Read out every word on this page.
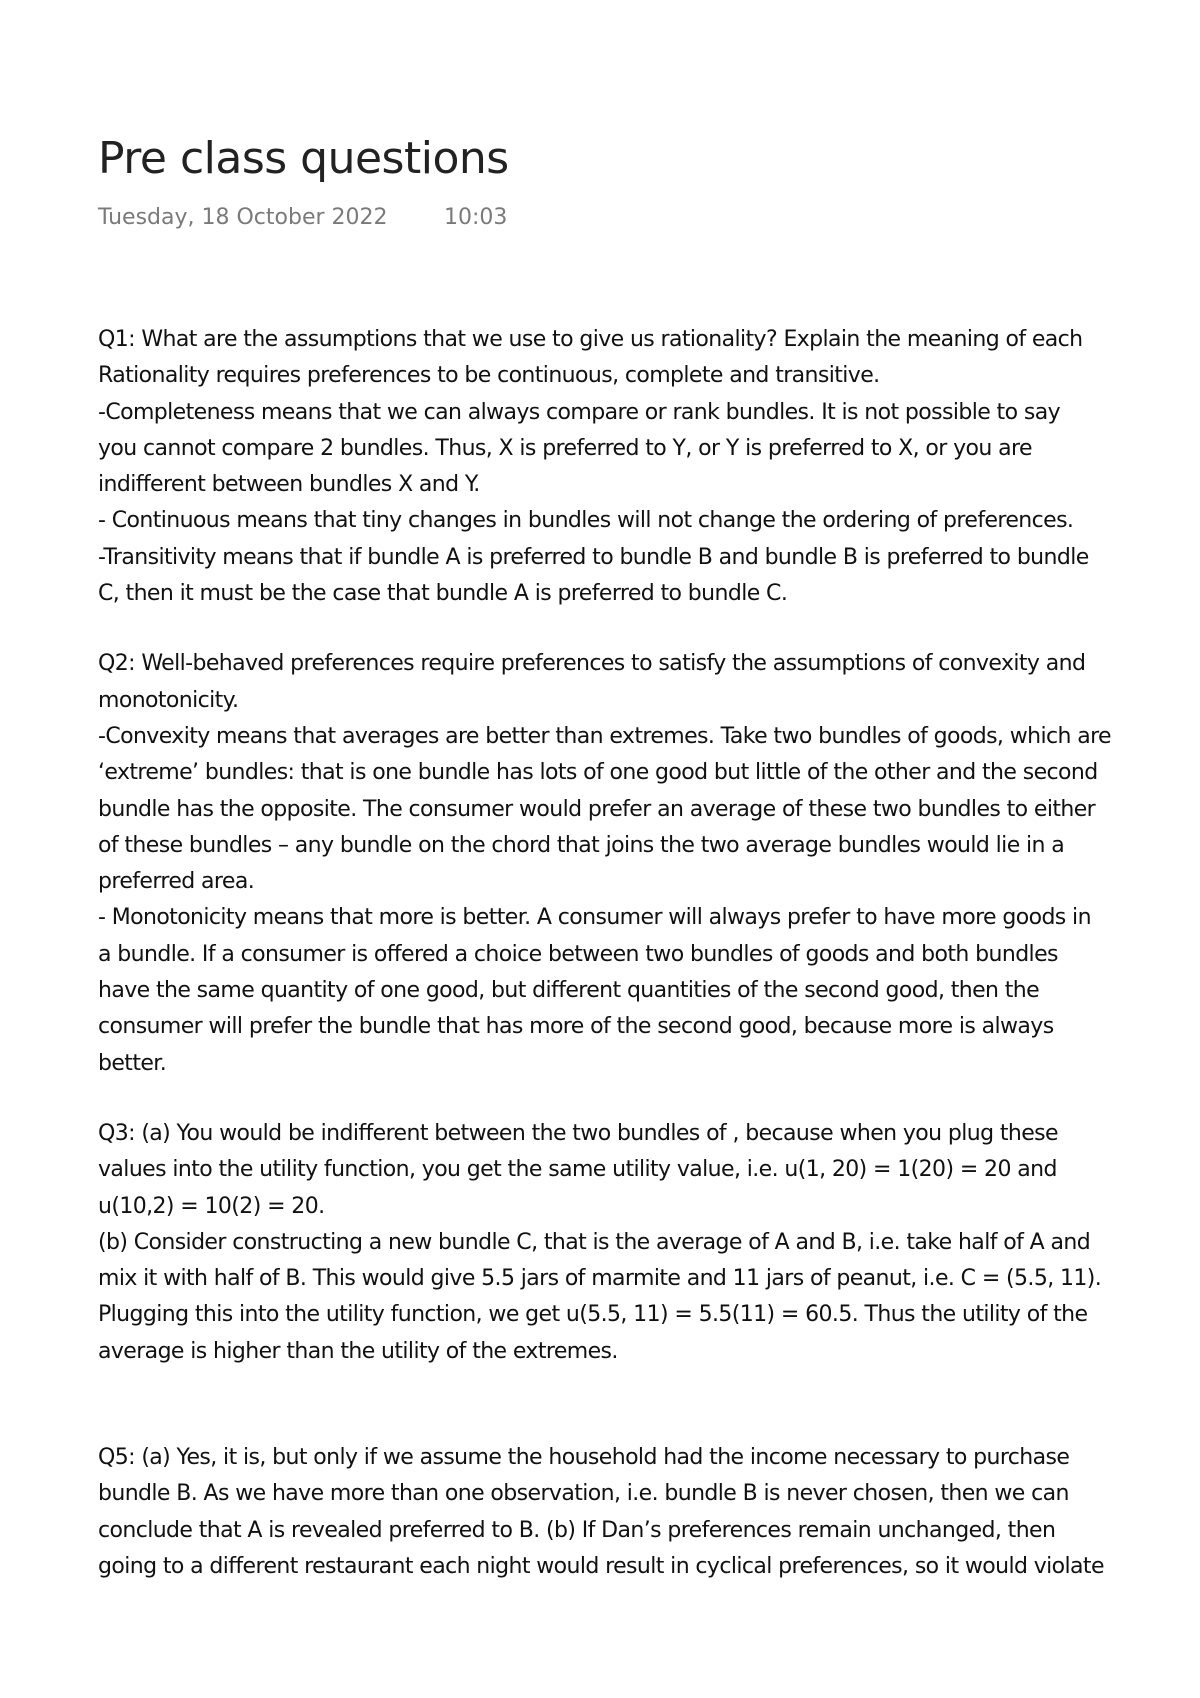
Pre class questions
Tuesday, 18 October 2022	10:03
Q1: What are the assumptions that we use to give us rationality? Explain the meaning of each
Rationality requires preferences to be continuous, complete and transitive.
-Completeness means that we can always compare or rank bundles. It is not possible to say
you cannot compare 2 bundles. Thus, X is preferred to Y, or Y is preferred to X, or you are
indifferent between bundles X and Y.
- Continuous means that tiny changes in bundles will not change the ordering of preferences.
-Transitivity means that if bundle A is preferred to bundle B and bundle B is preferred to bundle
C, then it must be the case that bundle A is preferred to bundle C.
Q2: Well-behaved preferences require preferences to satisfy the assumptions of convexity and
monotonicity.
-Convexity means that averages are better than extremes. Take two bundles of goods, which are
‘extreme’ bundles: that is one bundle has lots of one good but little of the other and the second
bundle has the opposite. The consumer would prefer an average of these two bundles to either
of these bundles – any bundle on the chord that joins the two average bundles would lie in a
preferred area.
- Monotonicity means that more is better. A consumer will always prefer to have more goods in
a bundle. If a consumer is offered a choice between two bundles of goods and both bundles
have the same quantity of one good, but different quantities of the second good, then the
consumer will prefer the bundle that has more of the second good, because more is always
better.
Q3: (a) You would be indifferent between the two bundles of , because when you plug these
values into the utility function, you get the same utility value, i.e. u(1, 20) = 1(20) = 20 and
u(10,2) = 10(2) = 20.
(b) Consider constructing a new bundle C, that is the average of A and B, i.e. take half of A and
mix it with half of B. This would give 5.5 jars of marmite and 11 jars of peanut, i.e. C = (5.5, 11).
Plugging this into the utility function, we get u(5.5, 11) = 5.5(11) = 60.5. Thus the utility of the
average is higher than the utility of the extremes.
Q5: (a) Yes, it is, but only if we assume the household had the income necessary to purchase
bundle B. As we have more than one observation, i.e. bundle B is never chosen, then we can
conclude that A is revealed preferred to B. (b) If Dan’s preferences remain unchanged, then
going to a different restaurant each night would result in cyclical preferences, so it would violate
